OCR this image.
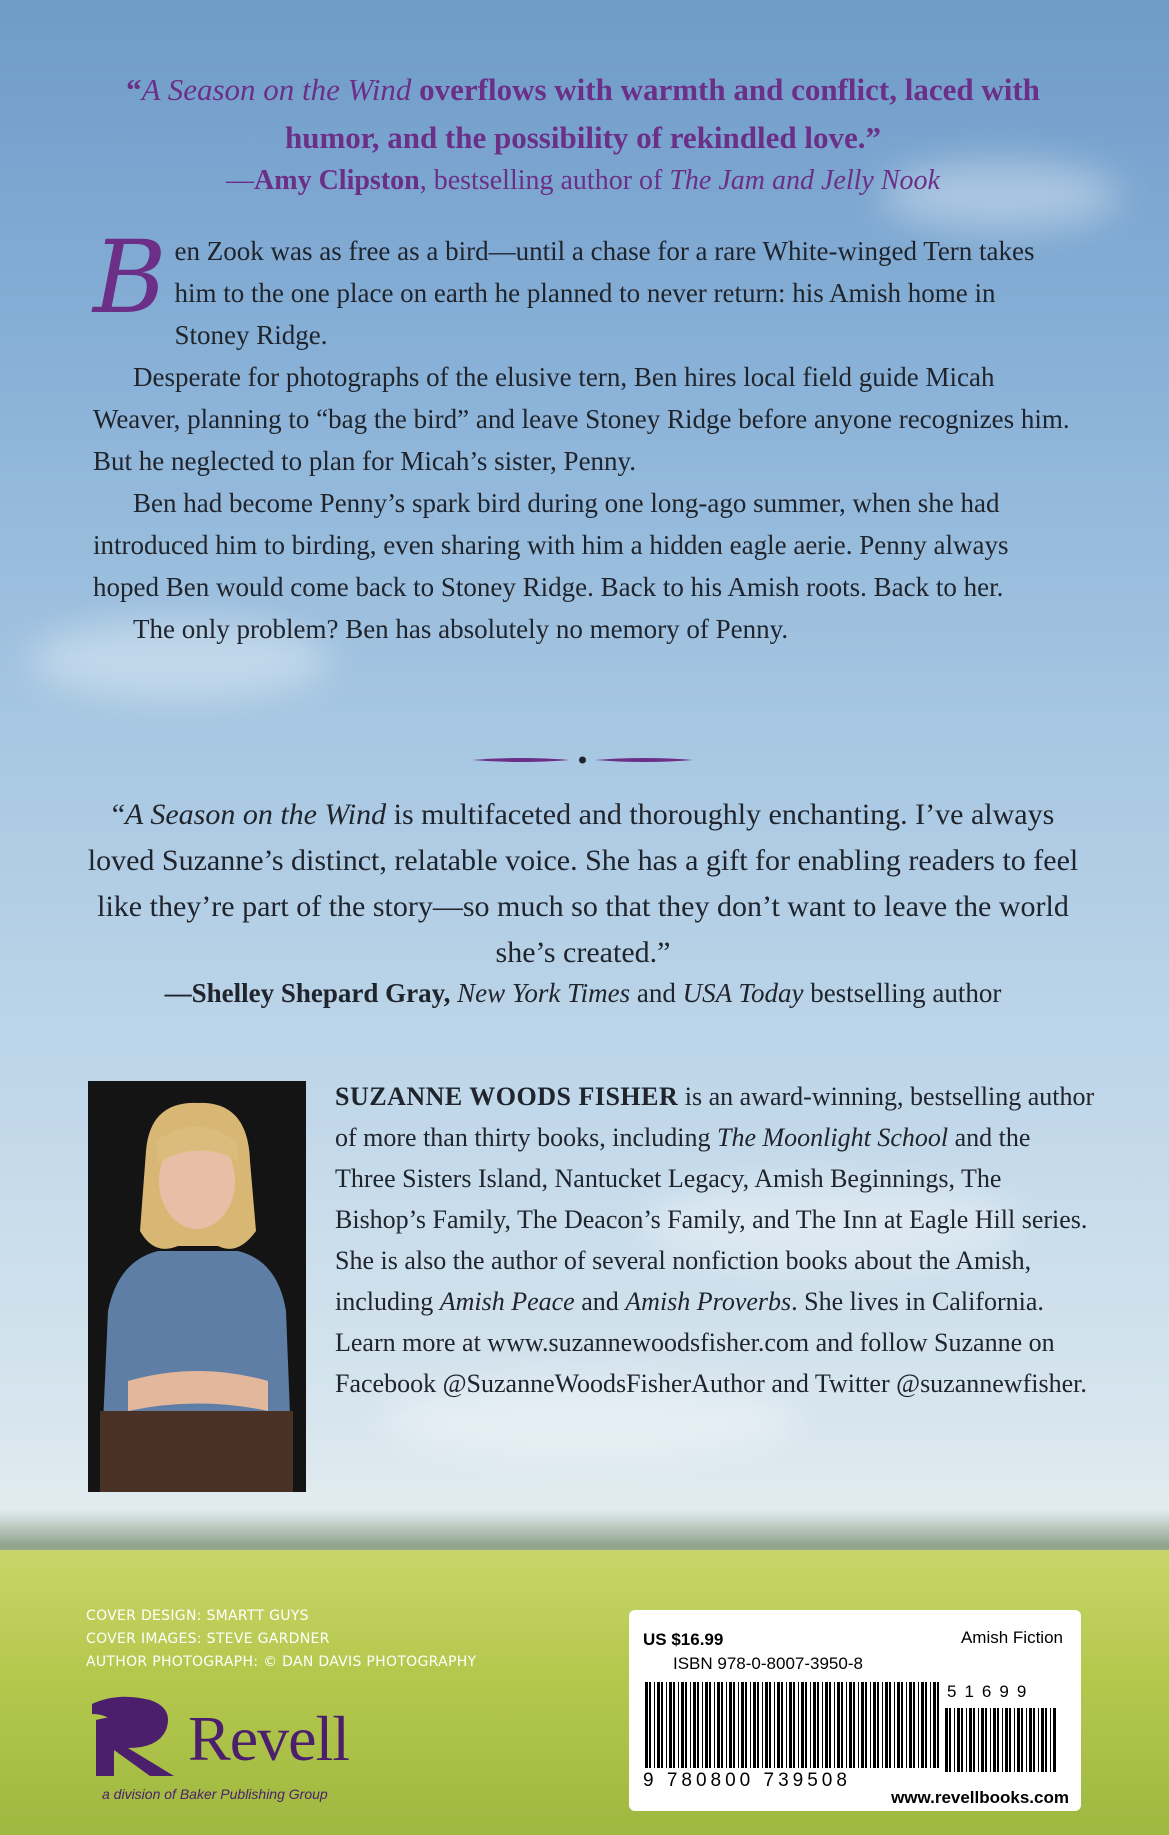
“A Season on the Wind overflows with warmth and conflict, laced with humor, and the possibility of rekindled love.”
—Amy Clipston, bestselling author of The Jam and Jelly Nook

Ben Zook was as free as a bird—until a chase for a rare White-winged Tern takes him to the one place on earth he planned to never return: his Amish home in Stoney Ridge.

Desperate for photographs of the elusive tern, Ben hires local field guide Micah Weaver, planning to “bag the bird” and leave Stoney Ridge before anyone recognizes him. But he neglected to plan for Micah’s sister, Penny.

Ben had become Penny’s spark bird during one long-ago summer, when she had introduced him to birding, even sharing with him a hidden eagle aerie. Penny always hoped Ben would come back to Stoney Ridge. Back to his Amish roots. Back to her.

The only problem? Ben has absolutely no memory of Penny.

“A Season on the Wind is multifaceted and thoroughly enchanting. I’ve always loved Suzanne’s distinct, relatable voice. She has a gift for enabling readers to feel like they’re part of the story—so much so that they don’t want to leave the world she’s created.”
—Shelley Shepard Gray, New York Times and USA Today bestselling author
SUZANNE WOODS FISHER is an award-winning, bestselling author of more than thirty books, including The Moonlight School and the Three Sisters Island, Nantucket Legacy, Amish Beginnings, The Bishop’s Family, The Deacon’s Family, and The Inn at Eagle Hill series. She is also the author of several nonfiction books about the Amish, including Amish Peace and Amish Proverbs. She lives in California. Learn more at www.suzannewoodsfisher.com and follow Suzanne on Facebook @SuzanneWoodsFisherAuthor and Twitter @suzannewfisher.
COVER DESIGN: SMARTT GUYS
COVER IMAGES: STEVE GARDNER
AUTHOR PHOTOGRAPH: © DAN DAVIS PHOTOGRAPHY
Revell
a division of Baker Publishing Group
US $16.99	Amish Fiction
ISBN 978-0-8007-3950-8
51699
9 780800 739508
www.revellbooks.com
